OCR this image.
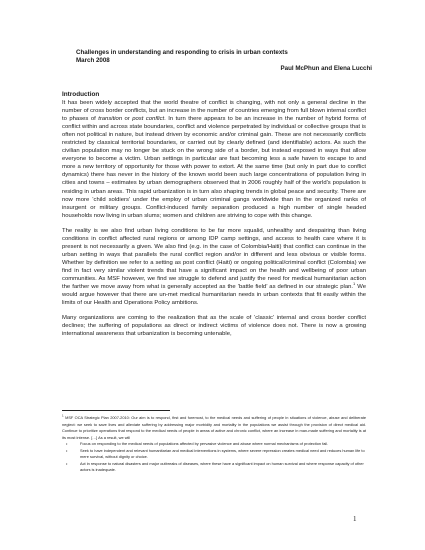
Challenges in understanding and responding to crisis in urban contexts
March 2008
Paul McPhun and Elena Lucchi
Introduction

It has been widely accepted that the world theatre of conflict is changing, with not only a general decline in the number of cross border conflicts, but an increase in the number of countries emerging from full blown internal conflict to phases of transition or post conflict. In turn there appears to be an increase in the number of hybrid forms of conflict within and across state boundaries, conflict and violence perpetrated by individual or collective groups that is often not political in nature, but instead driven by economic and/or criminal gain. These are not necessarily conflicts restricted by classical territorial boundaries, or carried out by clearly defined (and identifiable) actors. As such the civilian population may no longer be stuck on the wrong side of a border, but instead exposed in ways that allow everyone to become a victim. Urban settings in particular are fast becoming less a safe haven to escape to and more a new territory of opportunity for those with power to extort. At the same time (but only in part due to conflict dynamics) there has never in the history of the known world been such large concentrations of population living in cities and towns – estimates by urban demographers observed that in 2006 roughly half of the world’s population is residing in urban areas. This rapid urbanization is in turn also shaping trends in global peace and security. There are now more ‘child soldiers’ under the employ of urban criminal gangs worldwide than in the organized ranks of insurgent or military groups. Conflict-induced family separation produced a high number of single headed households now living in urban slums; women and children are striving to cope with this change.

The reality is we also find urban living conditions to be far more squalid, unhealthy and despairing than living conditions in conflict affected rural regions or among IDP camp settings, and access to health care where it is present is not necessarily a given. We also find (e.g. in the case of Colombia/Haiti) that conflict can continue in the urban setting in ways that parallels the rural conflict region and/or in different and less obvious or visible forms. Whether by definition we refer to a setting as post conflict (Haiti) or ongoing political/criminal conflict (Colombia) we find in fact very similar violent trends that have a significant impact on the health and wellbeing of poor urban communities. As MSF however, we find we struggle to defend and justify the need for medical humanitarian action the farther we move away from what is generally accepted as the ‘battle field’ as defined in our strategic plan.$^1$ We would argue however that there are un-met medical humanitarian needs in urban contexts that fit easily within the limits of our Health and Operations Policy ambitions.

Many organizations are coming to the realization that as the scale of ‘classic’ internal and cross border conflict declines; the suffering of populations as direct or indirect victims of violence does not. There is now a growing international awareness that urbanization is becoming untenable,

$^1$ MSF OCA Strategic Plan 2007-2010: Our aim is to respond, first and foremost, to the medical needs and suffering of people in situations of violence, abuse and deliberate neglect: we seek to save lives and alleviate suffering by addressing major morbidity and mortality in the populations we assist through the provision of direct medical aid. Continue to prioritize operations that respond to the medical needs of people in areas of active and chronic conflict, where an increase in man-made suffering and mortality is at its most intense. […] As a result, we will

•	Focus on responding to the medical needs of populations affected by pervasive violence and abuse where normal mechanisms of protection fail.
•	Seek to have independent and relevant humanitarian and medical interventions in systems, where severe repression creates medical need and reduces human life to mere survival, without dignity or choice.
•	Act in response to natural disasters and major outbreaks of diseases, where these have a significant impact on human survival and where response capacity of other actors is inadequate.
1
